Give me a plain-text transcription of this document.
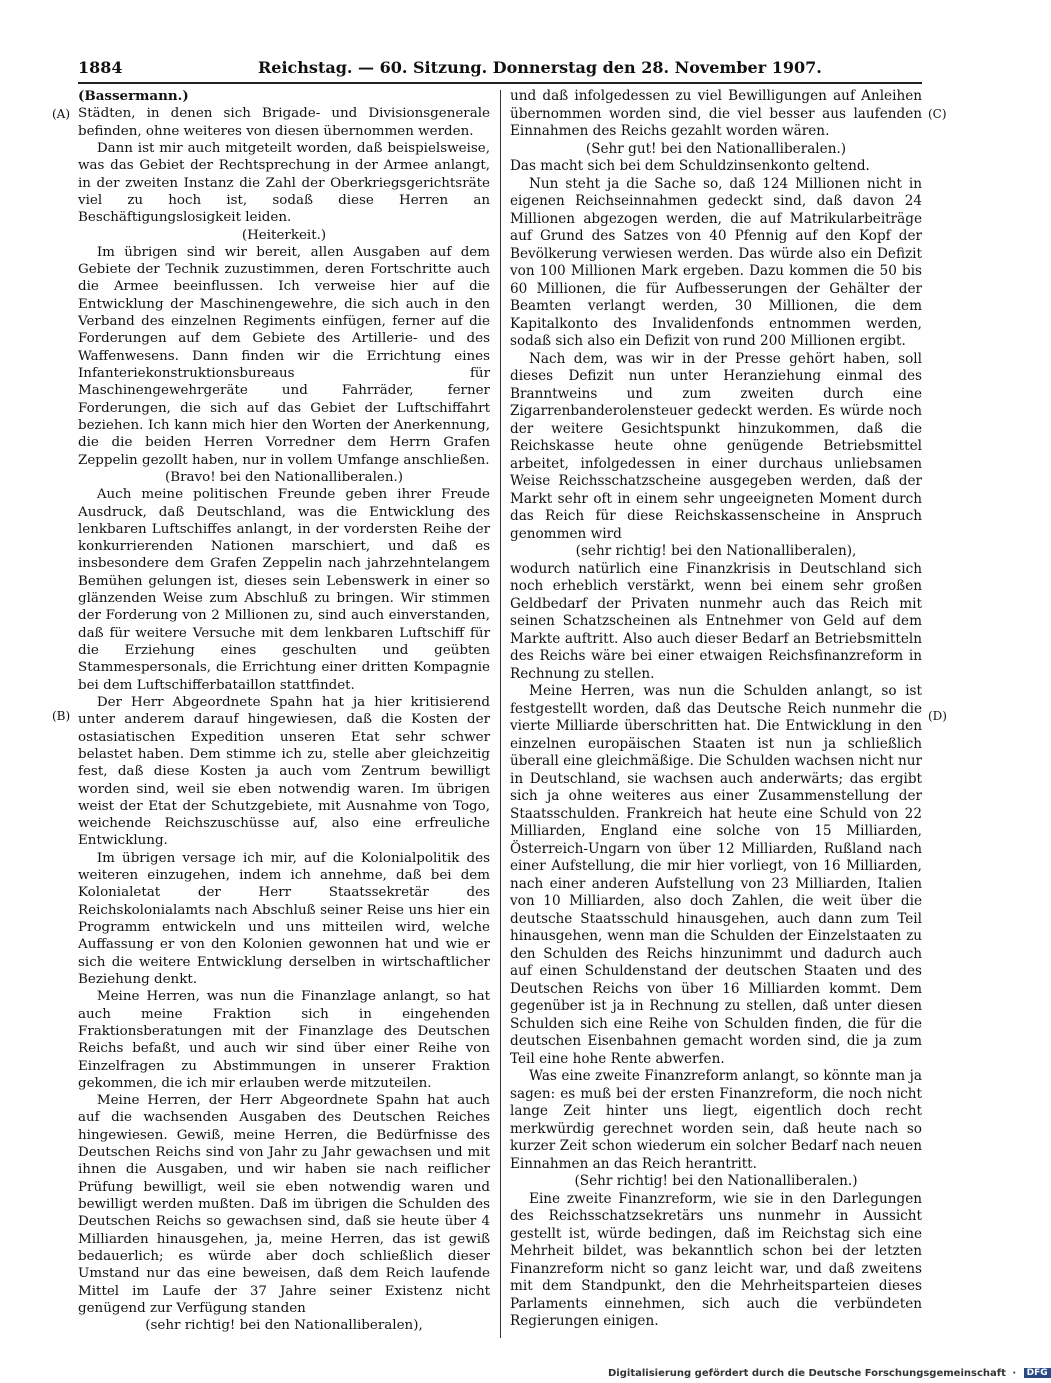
1884	Reichstag. — 60. Sitzung. Donnerstag den 28. November 1907.
(A)
(B)
(C)
(D)

(Bassermann.)

Städten, in denen sich Brigade- und Divisionsgenerale befinden, ohne weiteres von diesen übernommen werden.

Dann ist mir auch mitgeteilt worden, daß beispielsweise, was das Gebiet der Rechtsprechung in der Armee anlangt, in der zweiten Instanz die Zahl der Oberkriegsgerichtsräte viel zu hoch ist, sodaß diese Herren an Beschäftigungslosigkeit leiden.

(Heiterkeit.)

Im übrigen sind wir bereit, allen Ausgaben auf dem Gebiete der Technik zuzustimmen, deren Fortschritte auch die Armee beeinflussen. Ich verweise hier auf die Entwicklung der Maschinengewehre, die sich auch in den Verband des einzelnen Regiments einfügen, ferner auf die Forderungen auf dem Gebiete des Artillerie- und des Waffenwesens. Dann finden wir die Errichtung eines Infanteriekonstruktionsbureaus für Maschinengewehrgeräte und Fahrräder, ferner Forderungen, die sich auf das Gebiet der Luftschiffahrt beziehen. Ich kann mich hier den Worten der Anerkennung, die die beiden Herren Vorredner dem Herrn Grafen Zeppelin gezollt haben, nur in vollem Umfange anschließen.

(Bravo! bei den Nationalliberalen.)

Auch meine politischen Freunde geben ihrer Freude Ausdruck, daß Deutschland, was die Entwicklung des lenkbaren Luftschiffes anlangt, in der vordersten Reihe der konkurrierenden Nationen marschiert, und daß es insbesondere dem Grafen Zeppelin nach jahrzehntelangem Bemühen gelungen ist, dieses sein Lebenswerk in einer so glänzenden Weise zum Abschluß zu bringen. Wir stimmen der Forderung von 2 Millionen zu, sind auch einverstanden, daß für weitere Versuche mit dem lenkbaren Luftschiff für die Erziehung eines geschulten und geübten Stammespersonals, die Errichtung einer dritten Kompagnie bei dem Luftschifferbataillon stattfindet.

Der Herr Abgeordnete Spahn hat ja hier kritisierend unter anderem darauf hingewiesen, daß die Kosten der ostasiatischen Expedition unseren Etat sehr schwer belastet haben. Dem stimme ich zu, stelle aber gleichzeitig fest, daß diese Kosten ja auch vom Zentrum bewilligt worden sind, weil sie eben notwendig waren. Im übrigen weist der Etat der Schutzgebiete, mit Ausnahme von Togo, weichende Reichszuschüsse auf, also eine erfreuliche Entwicklung.

Im übrigen versage ich mir, auf die Kolonialpolitik des weiteren einzugehen, indem ich annehme, daß bei dem Kolonialetat der Herr Staatssekretär des Reichskolonialamts nach Abschluß seiner Reise uns hier ein Programm entwickeln und uns mitteilen wird, welche Auffassung er von den Kolonien gewonnen hat und wie er sich die weitere Entwicklung derselben in wirtschaftlicher Beziehung denkt.

Meine Herren, was nun die Finanzlage anlangt, so hat auch meine Fraktion sich in eingehenden Fraktionsberatungen mit der Finanzlage des Deutschen Reichs befaßt, und auch wir sind über einer Reihe von Einzelfragen zu Abstimmungen in unserer Fraktion gekommen, die ich mir erlauben werde mitzuteilen.

Meine Herren, der Herr Abgeordnete Spahn hat auch auf die wachsenden Ausgaben des Deutschen Reiches hingewiesen. Gewiß, meine Herren, die Bedürfnisse des Deutschen Reichs sind von Jahr zu Jahr gewachsen und mit ihnen die Ausgaben, und wir haben sie nach reiflicher Prüfung bewilligt, weil sie eben notwendig waren und bewilligt werden mußten. Daß im übrigen die Schulden des Deutschen Reichs so gewachsen sind, daß sie heute über 4 Milliarden hinausgehen, ja, meine Herren, das ist gewiß bedauerlich; es würde aber doch schließlich dieser Umstand nur das eine beweisen, daß dem Reich laufende Mittel im Laufe der 37 Jahre seiner Existenz nicht genügend zur Verfügung standen

(sehr richtig! bei den Nationalliberalen),

und daß infolgedessen zu viel Bewilligungen auf Anleihen übernommen worden sind, die viel besser aus laufenden Einnahmen des Reichs gezahlt worden wären.

(Sehr gut! bei den Nationalliberalen.)

Das macht sich bei dem Schuldzinsenkonto geltend.

Nun steht ja die Sache so, daß 124 Millionen nicht in eigenen Reichseinnahmen gedeckt sind, daß davon 24 Millionen abgezogen werden, die auf Matrikularbeiträge auf Grund des Satzes von 40 Pfennig auf den Kopf der Bevölkerung verwiesen werden. Das würde also ein Defizit von 100 Millionen Mark ergeben. Dazu kommen die 50 bis 60 Millionen, die für Aufbesserungen der Gehälter der Beamten verlangt werden, 30 Millionen, die dem Kapitalkonto des Invalidenfonds entnommen werden, sodaß sich also ein Defizit von rund 200 Millionen ergibt.

Nach dem, was wir in der Presse gehört haben, soll dieses Defizit nun unter Heranziehung einmal des Branntweins und zum zweiten durch eine Zigarrenbanderolensteuer gedeckt werden. Es würde noch der weitere Gesichtspunkt hinzukommen, daß die Reichskasse heute ohne genügende Betriebsmittel arbeitet, infolgedessen in einer durchaus unliebsamen Weise Reichsschatzscheine ausgegeben werden, daß der Markt sehr oft in einem sehr ungeeigneten Moment durch das Reich für diese Reichskassenscheine in Anspruch genommen wird

(sehr richtig! bei den Nationalliberalen),

wodurch natürlich eine Finanzkrisis in Deutschland sich noch erheblich verstärkt, wenn bei einem sehr großen Geldbedarf der Privaten nunmehr auch das Reich mit seinen Schatzscheinen als Entnehmer von Geld auf dem Markte auftritt. Also auch dieser Bedarf an Betriebsmitteln des Reichs wäre bei einer etwaigen Reichsfinanzreform in Rechnung zu stellen.

Meine Herren, was nun die Schulden anlangt, so ist festgestellt worden, daß das Deutsche Reich nunmehr die vierte Milliarde überschritten hat. Die Entwicklung in den einzelnen europäischen Staaten ist nun ja schließlich überall eine gleichmäßige. Die Schulden wachsen nicht nur in Deutschland, sie wachsen auch anderwärts; das ergibt sich ja ohne weiteres aus einer Zusammenstellung der Staatsschulden. Frankreich hat heute eine Schuld von 22 Milliarden, England eine solche von 15 Milliarden, Österreich-Ungarn von über 12 Milliarden, Rußland nach einer Aufstellung, die mir hier vorliegt, von 16 Milliarden, nach einer anderen Aufstellung von 23 Milliarden, Italien von 10 Milliarden, also doch Zahlen, die weit über die deutsche Staatsschuld hinausgehen, auch dann zum Teil hinausgehen, wenn man die Schulden der Einzelstaaten zu den Schulden des Reichs hinzunimmt und dadurch auch auf einen Schuldenstand der deutschen Staaten und des Deutschen Reichs von über 16 Milliarden kommt. Dem gegenüber ist ja in Rechnung zu stellen, daß unter diesen Schulden sich eine Reihe von Schulden finden, die für die deutschen Eisenbahnen gemacht worden sind, die ja zum Teil eine hohe Rente abwerfen.

Was eine zweite Finanzreform anlangt, so könnte man ja sagen: es muß bei der ersten Finanzreform, die noch nicht lange Zeit hinter uns liegt, eigentlich doch recht merkwürdig gerechnet worden sein, daß heute nach so kurzer Zeit schon wiederum ein solcher Bedarf nach neuen Einnahmen an das Reich herantritt.

(Sehr richtig! bei den Nationalliberalen.)

Eine zweite Finanzreform, wie sie in den Darlegungen des Reichsschatzsekretärs uns nunmehr in Aussicht gestellt ist, würde bedingen, daß im Reichstag sich eine Mehrheit bildet, was bekanntlich schon bei der letzten Finanzreform nicht so ganz leicht war, und daß zweitens mit dem Standpunkt, den die Mehrheitsparteien dieses Parlaments einnehmen, sich auch die verbündeten Regierungen einigen.

Digitalisierung gefördert durch die Deutsche Forschungsgemeinschaft · DFG
